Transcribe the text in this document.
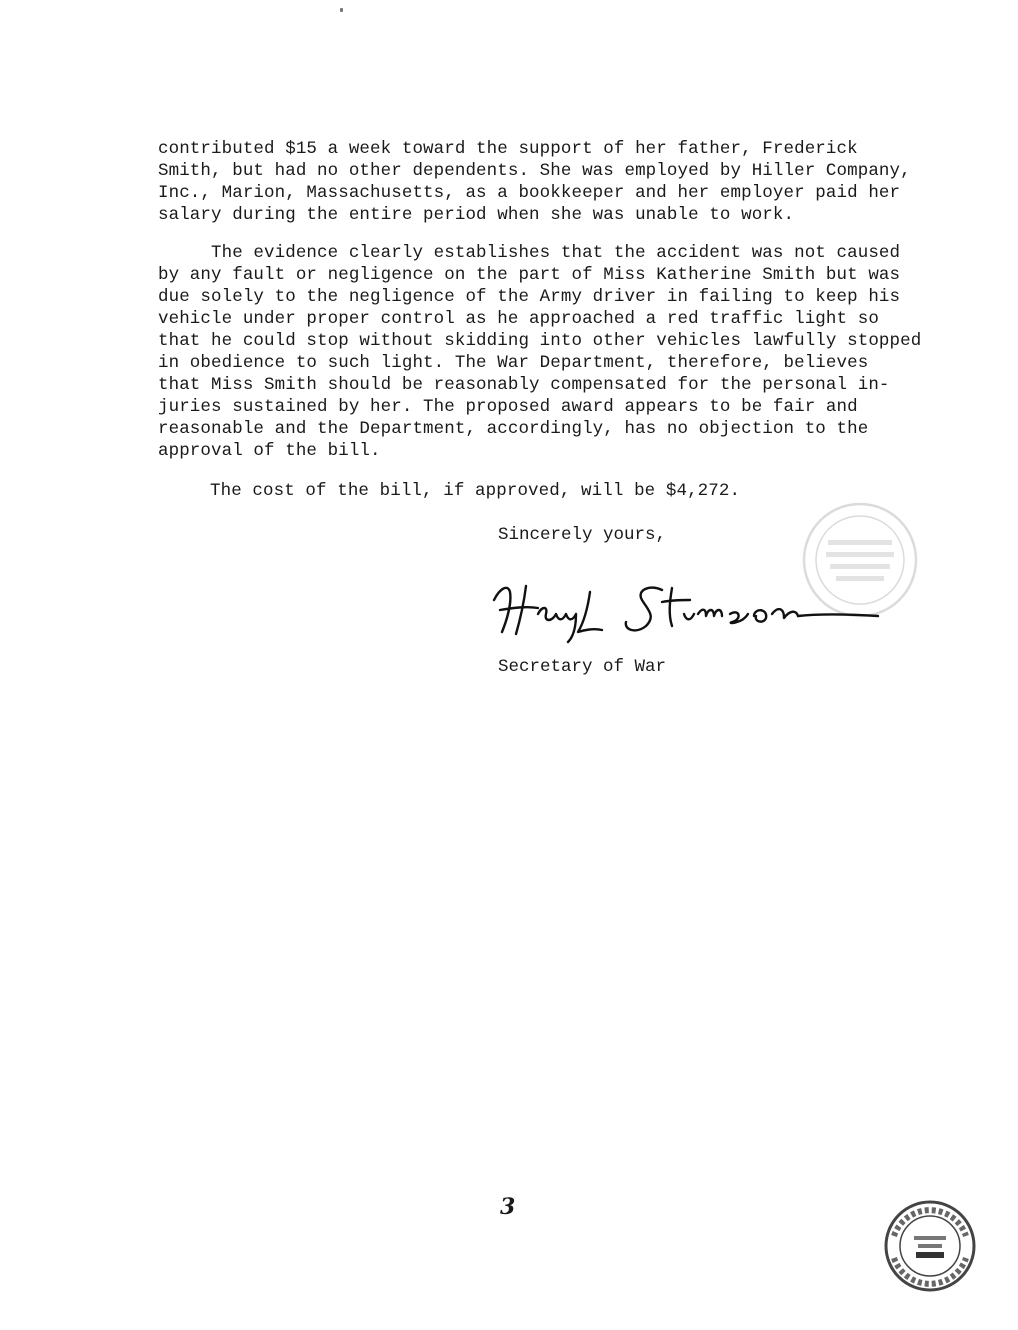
contributed $15 a week toward the support of her father, Frederick
Smith, but had no other dependents. She was employed by Hiller Company,
Inc., Marion, Massachusetts, as a bookkeeper and her employer paid her
salary during the entire period when she was unable to work.
The evidence clearly establishes that the accident was not caused
by any fault or negligence on the part of Miss Katherine Smith but was
due solely to the negligence of the Army driver in failing to keep his
vehicle under proper control as he approached a red traffic light so
that he could stop without skidding into other vehicles lawfully stopped
in obedience to such light. The War Department, therefore, believes
that Miss Smith should be reasonably compensated for the personal in-
juries sustained by her. The proposed award appears to be fair and
reasonable and the Department, accordingly, has no objection to the
approval of the bill.
The cost of the bill, if approved, will be $4,272.
Sincerely yours,
Secretary of War
3
